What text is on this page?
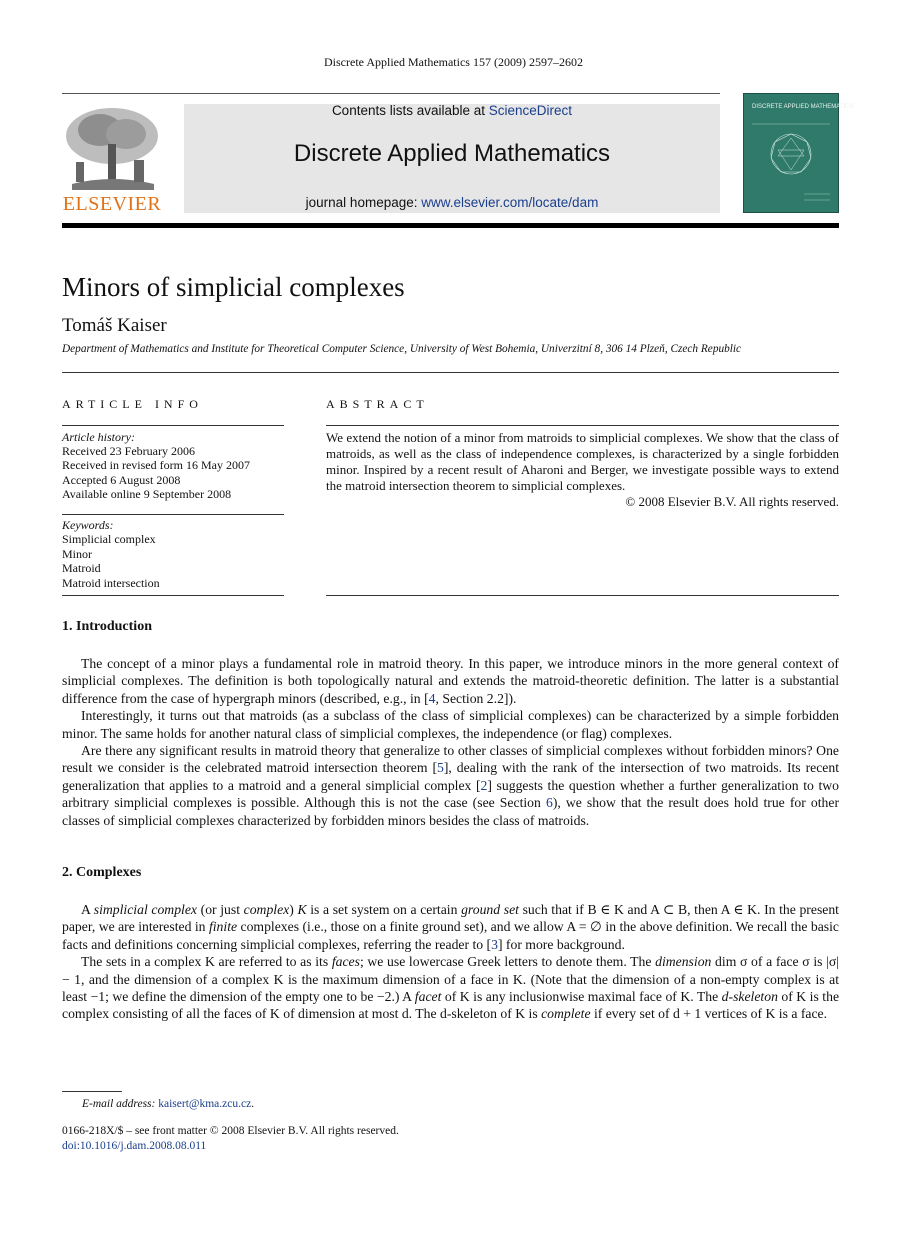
Discrete Applied Mathematics 157 (2009) 2597–2602
ELSEVIER
Contents lists available at ScienceDirect
Discrete Applied Mathematics
journal homepage: www.elsevier.com/locate/dam
DISCRETE APPLIED MATHEMATICS
Minors of simplicial complexes
Tomáš Kaiser
Department of Mathematics and Institute for Theoretical Computer Science, University of West Bohemia, Univerzitní 8, 306 14 Plzeň, Czech Republic
ARTICLE INFO	ABSTRACT
Article history:
Received 23 February 2006
Received in revised form 16 May 2007
Accepted 6 August 2008
Available online 9 September 2008
Keywords:
Simplicial complex
Minor
Matroid
Matroid intersection
We extend the notion of a minor from matroids to simplicial complexes. We show that the class of matroids, as well as the class of independence complexes, is characterized by a single forbidden minor. Inspired by a recent result of Aharoni and Berger, we investigate possible ways to extend the matroid intersection theorem to simplicial complexes.
© 2008 Elsevier B.V. All rights reserved.
1. Introduction

The concept of a minor plays a fundamental role in matroid theory. In this paper, we introduce minors in the more general context of simplicial complexes. The definition is both topologically natural and extends the matroid-theoretic definition. The latter is a substantial difference from the case of hypergraph minors (described, e.g., in [4, Section 2.2]).

Interestingly, it turns out that matroids (as a subclass of the class of simplicial complexes) can be characterized by a simple forbidden minor. The same holds for another natural class of simplicial complexes, the independence (or flag) complexes.

Are there any significant results in matroid theory that generalize to other classes of simplicial complexes without forbidden minors? One result we consider is the celebrated matroid intersection theorem [5], dealing with the rank of the intersection of two matroids. Its recent generalization that applies to a matroid and a general simplicial complex [2] suggests the question whether a further generalization to two arbitrary simplicial complexes is possible. Although this is not the case (see Section 6), we show that the result does hold true for other classes of simplicial complexes characterized by forbidden minors besides the class of matroids.

2. Complexes

A simplicial complex (or just complex) K is a set system on a certain ground set such that if B ∈ K and A ⊂ B, then A ∈ K. In the present paper, we are interested in finite complexes (i.e., those on a finite ground set), and we allow A = ∅ in the above definition. We recall the basic facts and definitions concerning simplicial complexes, referring the reader to [3] for more background.

The sets in a complex K are referred to as its faces; we use lowercase Greek letters to denote them. The dimension dim σ of a face σ is |σ| − 1, and the dimension of a complex K is the maximum dimension of a face in K. (Note that the dimension of a non-empty complex is at least −1; we define the dimension of the empty one to be −2.) A facet of K is any inclusionwise maximal face of K. The d-skeleton of K is the complex consisting of all the faces of K of dimension at most d. The d-skeleton of K is complete if every set of d + 1 vertices of K is a face.

E-mail address: kaisert@kma.zcu.cz.
0166-218X/$ – see front matter © 2008 Elsevier B.V. All rights reserved.
doi:10.1016/j.dam.2008.08.011
